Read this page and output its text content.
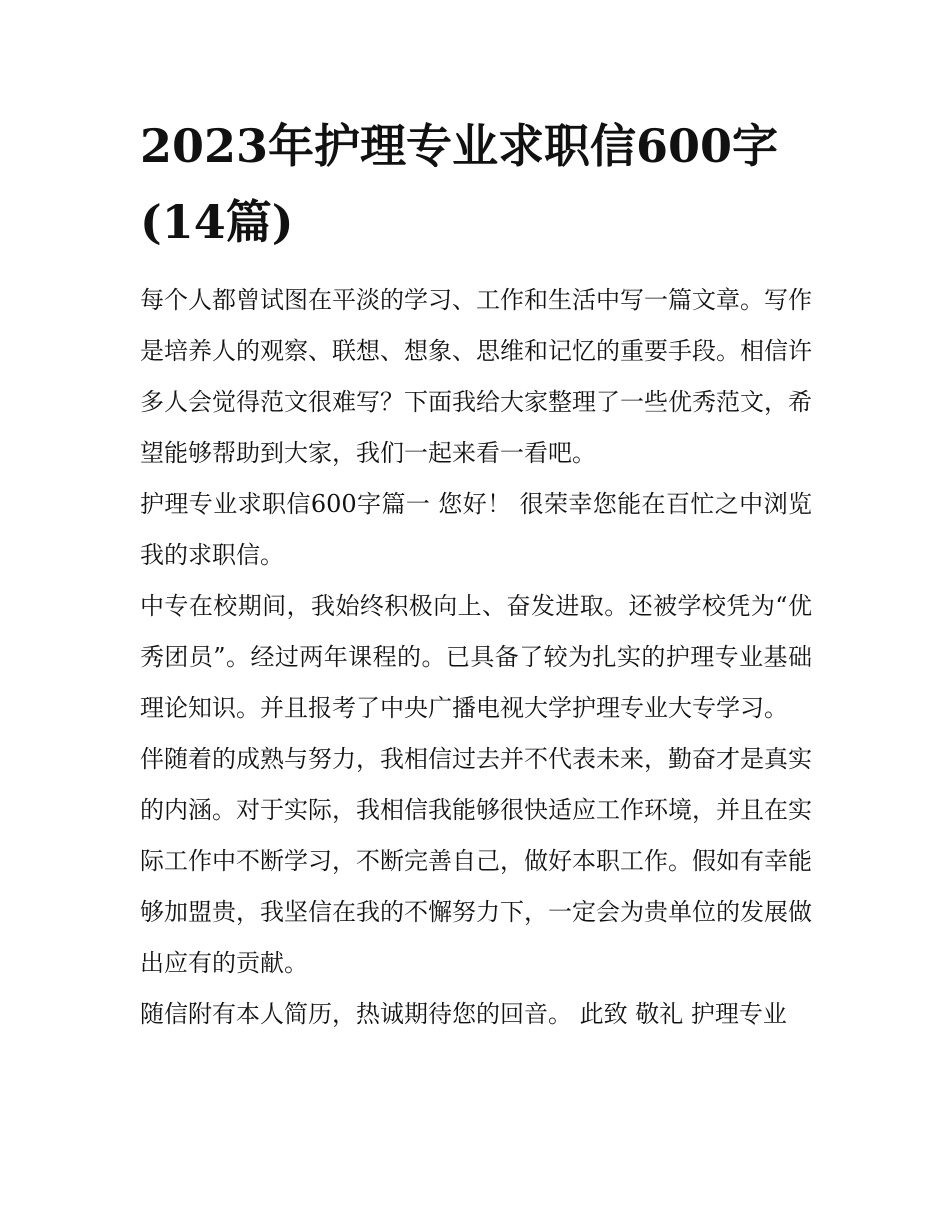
2023年护理专业求职信600字(14篇)

每个人都曾试图在平淡的学习、工作和生活中写一篇文章。写作是培养人的观察、联想、想象、思维和记忆的重要手段。相信许多人会觉得范文很难写？下面我给大家整理了一些优秀范文，希望能够帮助到大家，我们一起来看一看吧。

护理专业求职信600字篇一 您好！ 很荣幸您能在百忙之中浏览我的求职信。

中专在校期间，我始终积极向上、奋发进取。还被学校凭为“优秀团员”。经过两年课程的。已具备了较为扎实的护理专业基础理论知识。并且报考了中央广播电视大学护理专业大专学习。

伴随着的成熟与努力，我相信过去并不代表未来，勤奋才是真实的内涵。对于实际，我相信我能够很快适应工作环境，并且在实际工作中不断学习，不断完善自己，做好本职工作。假如有幸能够加盟贵，我坚信在我的不懈努力下，一定会为贵单位的发展做出应有的贡献。

随信附有本人简历，热诚期待您的回音。 此致 敬礼 护理专业
